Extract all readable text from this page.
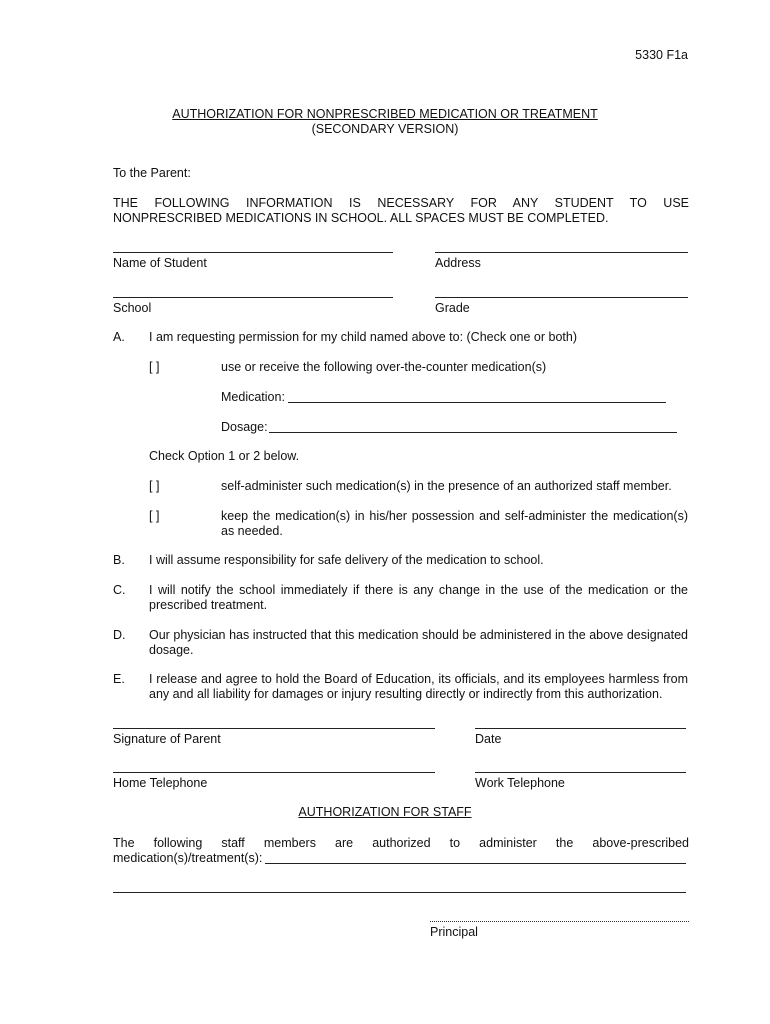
5330 F1a
AUTHORIZATION FOR NONPRESCRIBED MEDICATION OR TREATMENT
(SECONDARY VERSION)
To the Parent:
THE FOLLOWING INFORMATION IS NECESSARY FOR ANY STUDENT TO USE
NONPRESCRIBED MEDICATIONS IN SCHOOL. ALL SPACES MUST BE COMPLETED.
Name of Student	Address
School	Grade
A. I am requesting permission for my child named above to: (Check one or both)
[ ]	use or receive the following over-the-counter medication(s)
Medication:
Dosage:
Check Option 1 or 2 below.
[ ]	self-administer such medication(s) in the presence of an authorized staff member.
[ ]	keep the medication(s) in his/her possession and self-administer the medication(s) as needed.
B. I will assume responsibility for safe delivery of the medication to school.
C. I will notify the school immediately if there is any change in the use of the medication or the prescribed treatment.
D. Our physician has instructed that this medication should be administered in the above designated dosage.
E. I release and agree to hold the Board of Education, its officials, and its employees harmless from any and all liability for damages or injury resulting directly or indirectly from this authorization.
Signature of Parent	Date
Home Telephone	Work Telephone
AUTHORIZATION FOR STAFF
The following staff members are authorized to administer the above-prescribed
medication(s)/treatment(s):
Principal
